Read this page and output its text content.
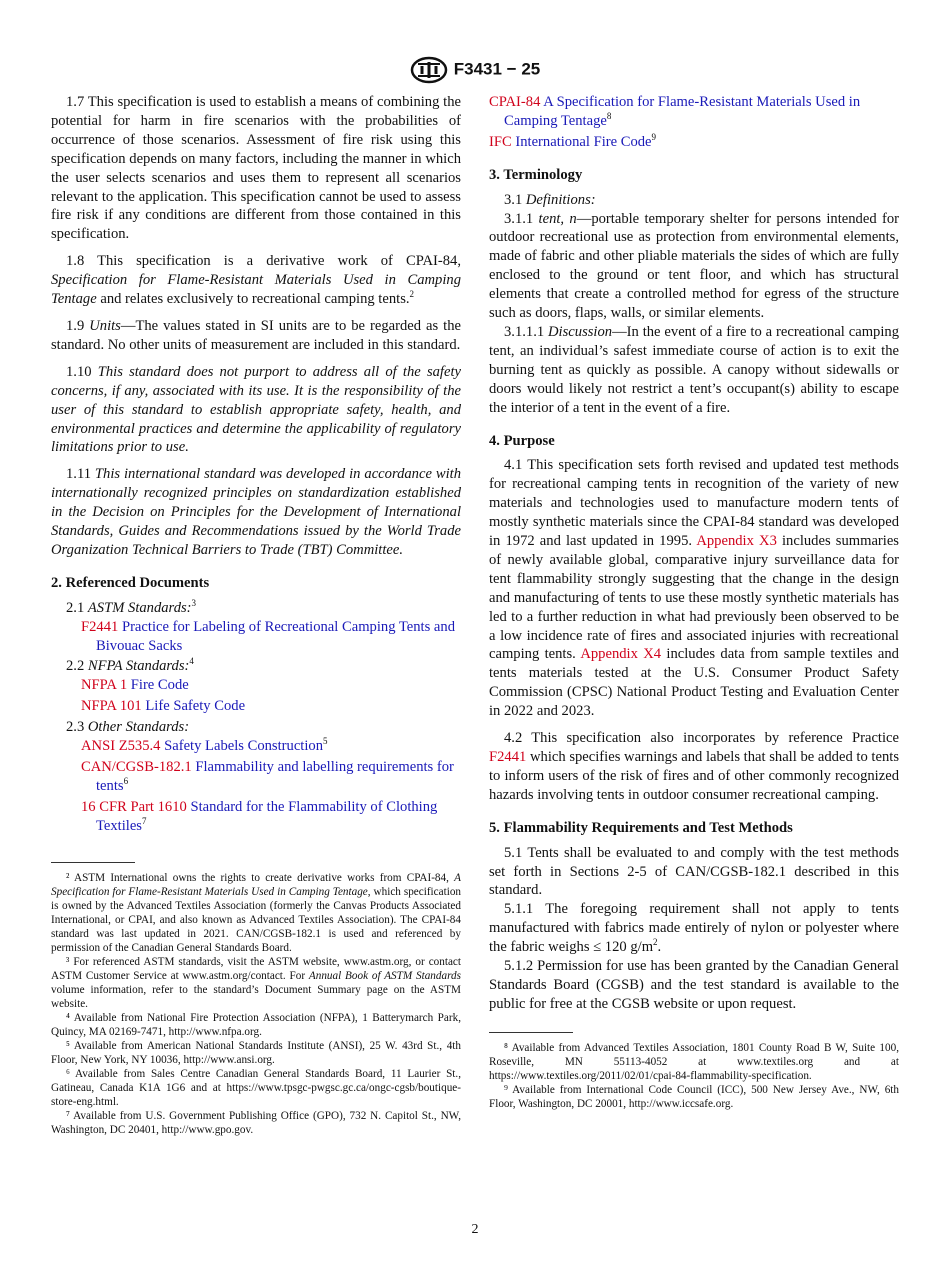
F3431 − 25

1.7 This specification is used to establish a means of combining the potential for harm in fire scenarios with the probabilities of occurrence of those scenarios. Assessment of fire risk using this specification depends on many factors, including the manner in which the user selects scenarios and uses them to represent all scenarios relevant to the application. This specification cannot be used to assess fire risk if any conditions are different from those contained in this specification.

1.8 This specification is a derivative work of CPAI-84, Specification for Flame-Resistant Materials Used in Camping Tentage and relates exclusively to recreational camping tents.$^2$

1.9 Units—The values stated in SI units are to be regarded as the standard. No other units of measurement are included in this standard.

1.10 This standard does not purport to address all of the safety concerns, if any, associated with its use. It is the responsibility of the user of this standard to establish appropriate safety, health, and environmental practices and determine the applicability of regulatory limitations prior to use.

1.11 This international standard was developed in accordance with internationally recognized principles on standardization established in the Decision on Principles for the Development of International Standards, Guides and Recommendations issued by the World Trade Organization Technical Barriers to Trade (TBT) Committee.

2. Referenced Documents

2.1 ASTM Standards:$^3$

F2441 Practice for Labeling of Recreational Camping Tents and Bivouac Sacks

2.2 NFPA Standards:$^4$

NFPA 1 Fire Code

NFPA 101 Life Safety Code

2.3 Other Standards:

ANSI Z535.4 Safety Labels Construction$^5$

CAN/CGSB-182.1 Flammability and labelling requirements for tents$^6$

16 CFR Part 1610 Standard for the Flammability of Clothing Textiles$^7$

² ASTM International owns the rights to create derivative works from CPAI-84, A Specification for Flame-Resistant Materials Used in Camping Tentage, which specification is owned by the Advanced Textiles Association (formerly the Canvas Products Associated International, or CPAI, and also known as Advanced Textiles Association). The CPAI-84 standard was last updated in 2021. CAN/CGSB-182.1 is used and referenced by permission of the Canadian General Standards Board.

³ For referenced ASTM standards, visit the ASTM website, www.astm.org, or contact ASTM Customer Service at www.astm.org/contact. For Annual Book of ASTM Standards volume information, refer to the standard’s Document Summary page on the ASTM website.

⁴ Available from National Fire Protection Association (NFPA), 1 Batterymarch Park, Quincy, MA 02169-7471, http://www.nfpa.org.

⁵ Available from American National Standards Institute (ANSI), 25 W. 43rd St., 4th Floor, New York, NY 10036, http://www.ansi.org.

⁶ Available from Sales Centre Canadian General Standards Board, 11 Laurier St., Gatineau, Canada K1A 1G6 and at https://www.tpsgc-pwgsc.gc.ca/ongc-cgsb/boutique-store-eng.html.

⁷ Available from U.S. Government Publishing Office (GPO), 732 N. Capitol St., NW, Washington, DC 20401, http://www.gpo.gov.

CPAI-84 A Specification for Flame-Resistant Materials Used in Camping Tentage$^8$

IFC International Fire Code$^9$

3. Terminology

3.1 Definitions:

3.1.1 tent, n—portable temporary shelter for persons intended for outdoor recreational use as protection from environmental elements, made of fabric and other pliable materials the sides of which are fully enclosed to the ground or tent floor, and which has structural elements that create a controlled method for egress of the structure such as doors, flaps, walls, or similar elements.

3.1.1.1 Discussion—In the event of a fire to a recreational camping tent, an individual’s safest immediate course of action is to exit the burning tent as quickly as possible. A canopy without sidewalls or doors would likely not restrict a tent’s occupant(s) ability to escape the interior of a tent in the event of a fire.

4. Purpose

4.1 This specification sets forth revised and updated test methods for recreational camping tents in recognition of the variety of new materials and technologies used to manufacture modern tents of mostly synthetic materials since the CPAI-84 standard was developed in 1972 and last updated in 1995. Appendix X3 includes summaries of newly available global, comparative injury surveillance data for tent flammability strongly suggesting that the change in the design and manufacturing of tents to use these mostly synthetic materials has led to a further reduction in what had previously been observed to be a low incidence rate of fires and associated injuries with recreational camping tents. Appendix X4 includes data from sample textiles and tents materials tested at the U.S. Consumer Product Safety Commission (CPSC) National Product Testing and Evaluation Center in 2022 and 2023.

4.2 This specification also incorporates by reference Practice F2441 which specifies warnings and labels that shall be added to tents to inform users of the risk of fires and of other commonly recognized hazards involving tents in outdoor consumer recreational camping.

5. Flammability Requirements and Test Methods

5.1 Tents shall be evaluated to and comply with the test methods set forth in Sections 2-5 of CAN/CGSB-182.1 described in this standard.

5.1.1 The foregoing requirement shall not apply to tents manufactured with fabrics made entirely of nylon or polyester where the fabric weighs ≤ 120 $g/m^2$.

5.1.2 Permission for use has been granted by the Canadian General Standards Board (CGSB) and the test standard is available to the public for free at the CGSB website or upon request.

⁸ Available from Advanced Textiles Association, 1801 County Road B W, Suite 100, Roseville, MN 55113-4052 at www.textiles.org and at https://www.textiles.org/2011/02/01/cpai-84-flammability-specification.

⁹ Available from International Code Council (ICC), 500 New Jersey Ave., NW, 6th Floor, Washington, DC 20001, http://www.iccsafe.org.

2
